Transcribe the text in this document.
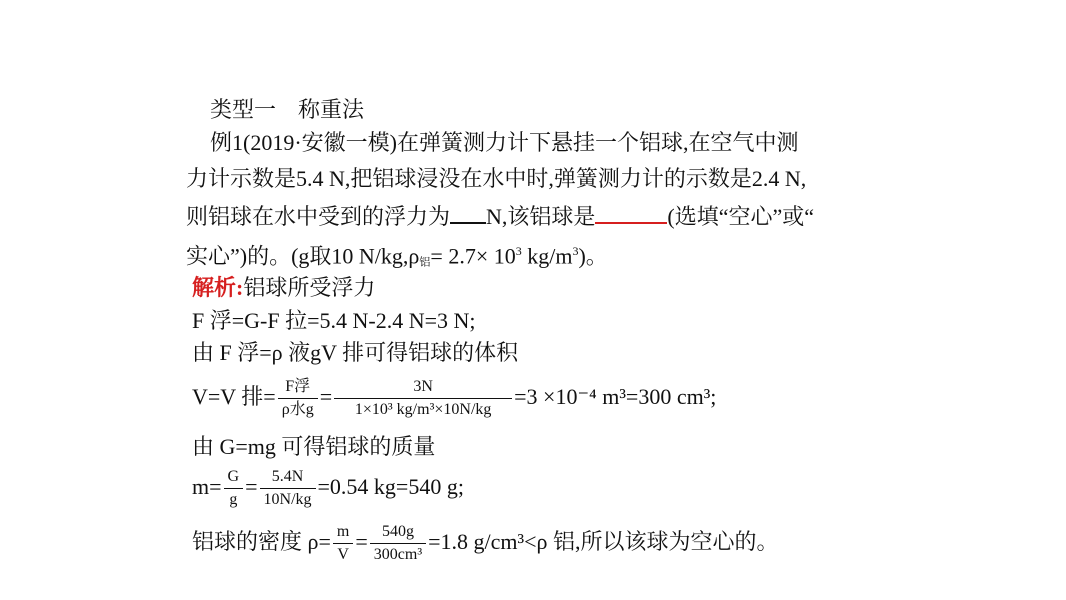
类型一　称重法
例1(2019·安徽一模)在弹簧测力计下悬挂一个铝球,在空气中测
力计示数是5.4 N,把铝球浸没在水中时,弹簧测力计的示数是2.4 N,
则铝球在水中受到的浮力为 N,该铝球是	(选填“空心”或“
实心”)的。(g取10 N/kg,ρ铝= $2.7\times 10^3$ $kg/m^3$)。
解析:铝球所受浮力
F 浮=G-F 拉=5.4 N-2.4 N=3 N;
由 F 浮=ρ 液gV 排可得铝球的体积
V=V 排= $\frac{\text{F浮}}{\text{ρ水g}} = \frac{3N}{\text{1×10³ kg/m³×10N/kg}} =3 \times 10^{-4}$ m³=300 cm³;
由 G=mg 可得铝球的质量
$m= \frac{G}{g} = \frac{5.4N}{10N/kg} =0.54$ kg=540 g;
铝球的密度 $\rho= \frac{m}{V} = \frac{540g}{\text{300cm³}} =1.8$ g/cm³<ρ 铝,所以该球为空心的。
